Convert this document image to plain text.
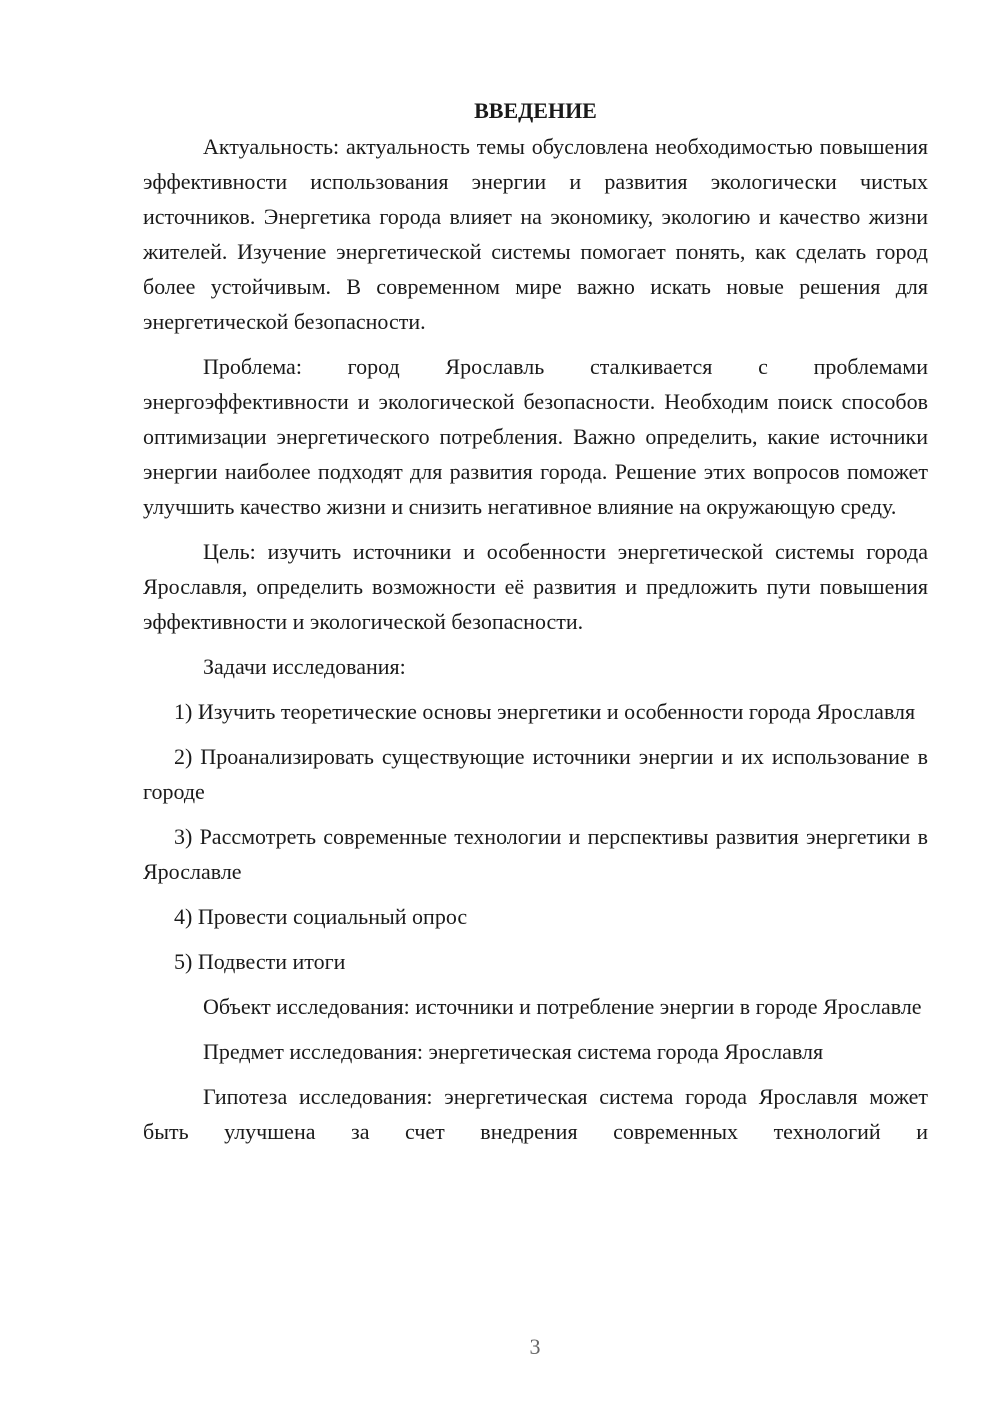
ВВЕДЕНИЕ

Актуальность: актуальность темы обусловлена необходимостью повышения эффективности использования энергии и развития экологически чистых источников. Энергетика города влияет на экономику, экологию и качество жизни жителей. Изучение энергетической системы помогает понять, как сделать город более устойчивым. В современном мире важно искать новые решения для энергетической безопасности.

Проблема: город Ярославль сталкивается с проблемами энергоэффективности и экологической безопасности. Необходим поиск способов оптимизации энергетического потребления. Важно определить, какие источники энергии наиболее подходят для развития города. Решение этих вопросов поможет улучшить качество жизни и снизить негативное влияние на окружающую среду.

Цель: изучить источники и особенности энергетической системы города Ярославля, определить возможности её развития и предложить пути повышения эффективности и экологической безопасности.

Задачи исследования:

1) Изучить теоретические основы энергетики и особенности города Ярославля

2) Проанализировать существующие источники энергии и их использование в городе

3) Рассмотреть современные технологии и перспективы развития энергетики в Ярославле

4) Провести социальный опрос

5) Подвести итоги

Объект исследования: источники и потребление энергии в городе Ярославле

Предмет исследования: энергетическая система города Ярославля

Гипотеза исследования: энергетическая система города Ярославля может быть улучшена за счет внедрения современных технологий и

3
